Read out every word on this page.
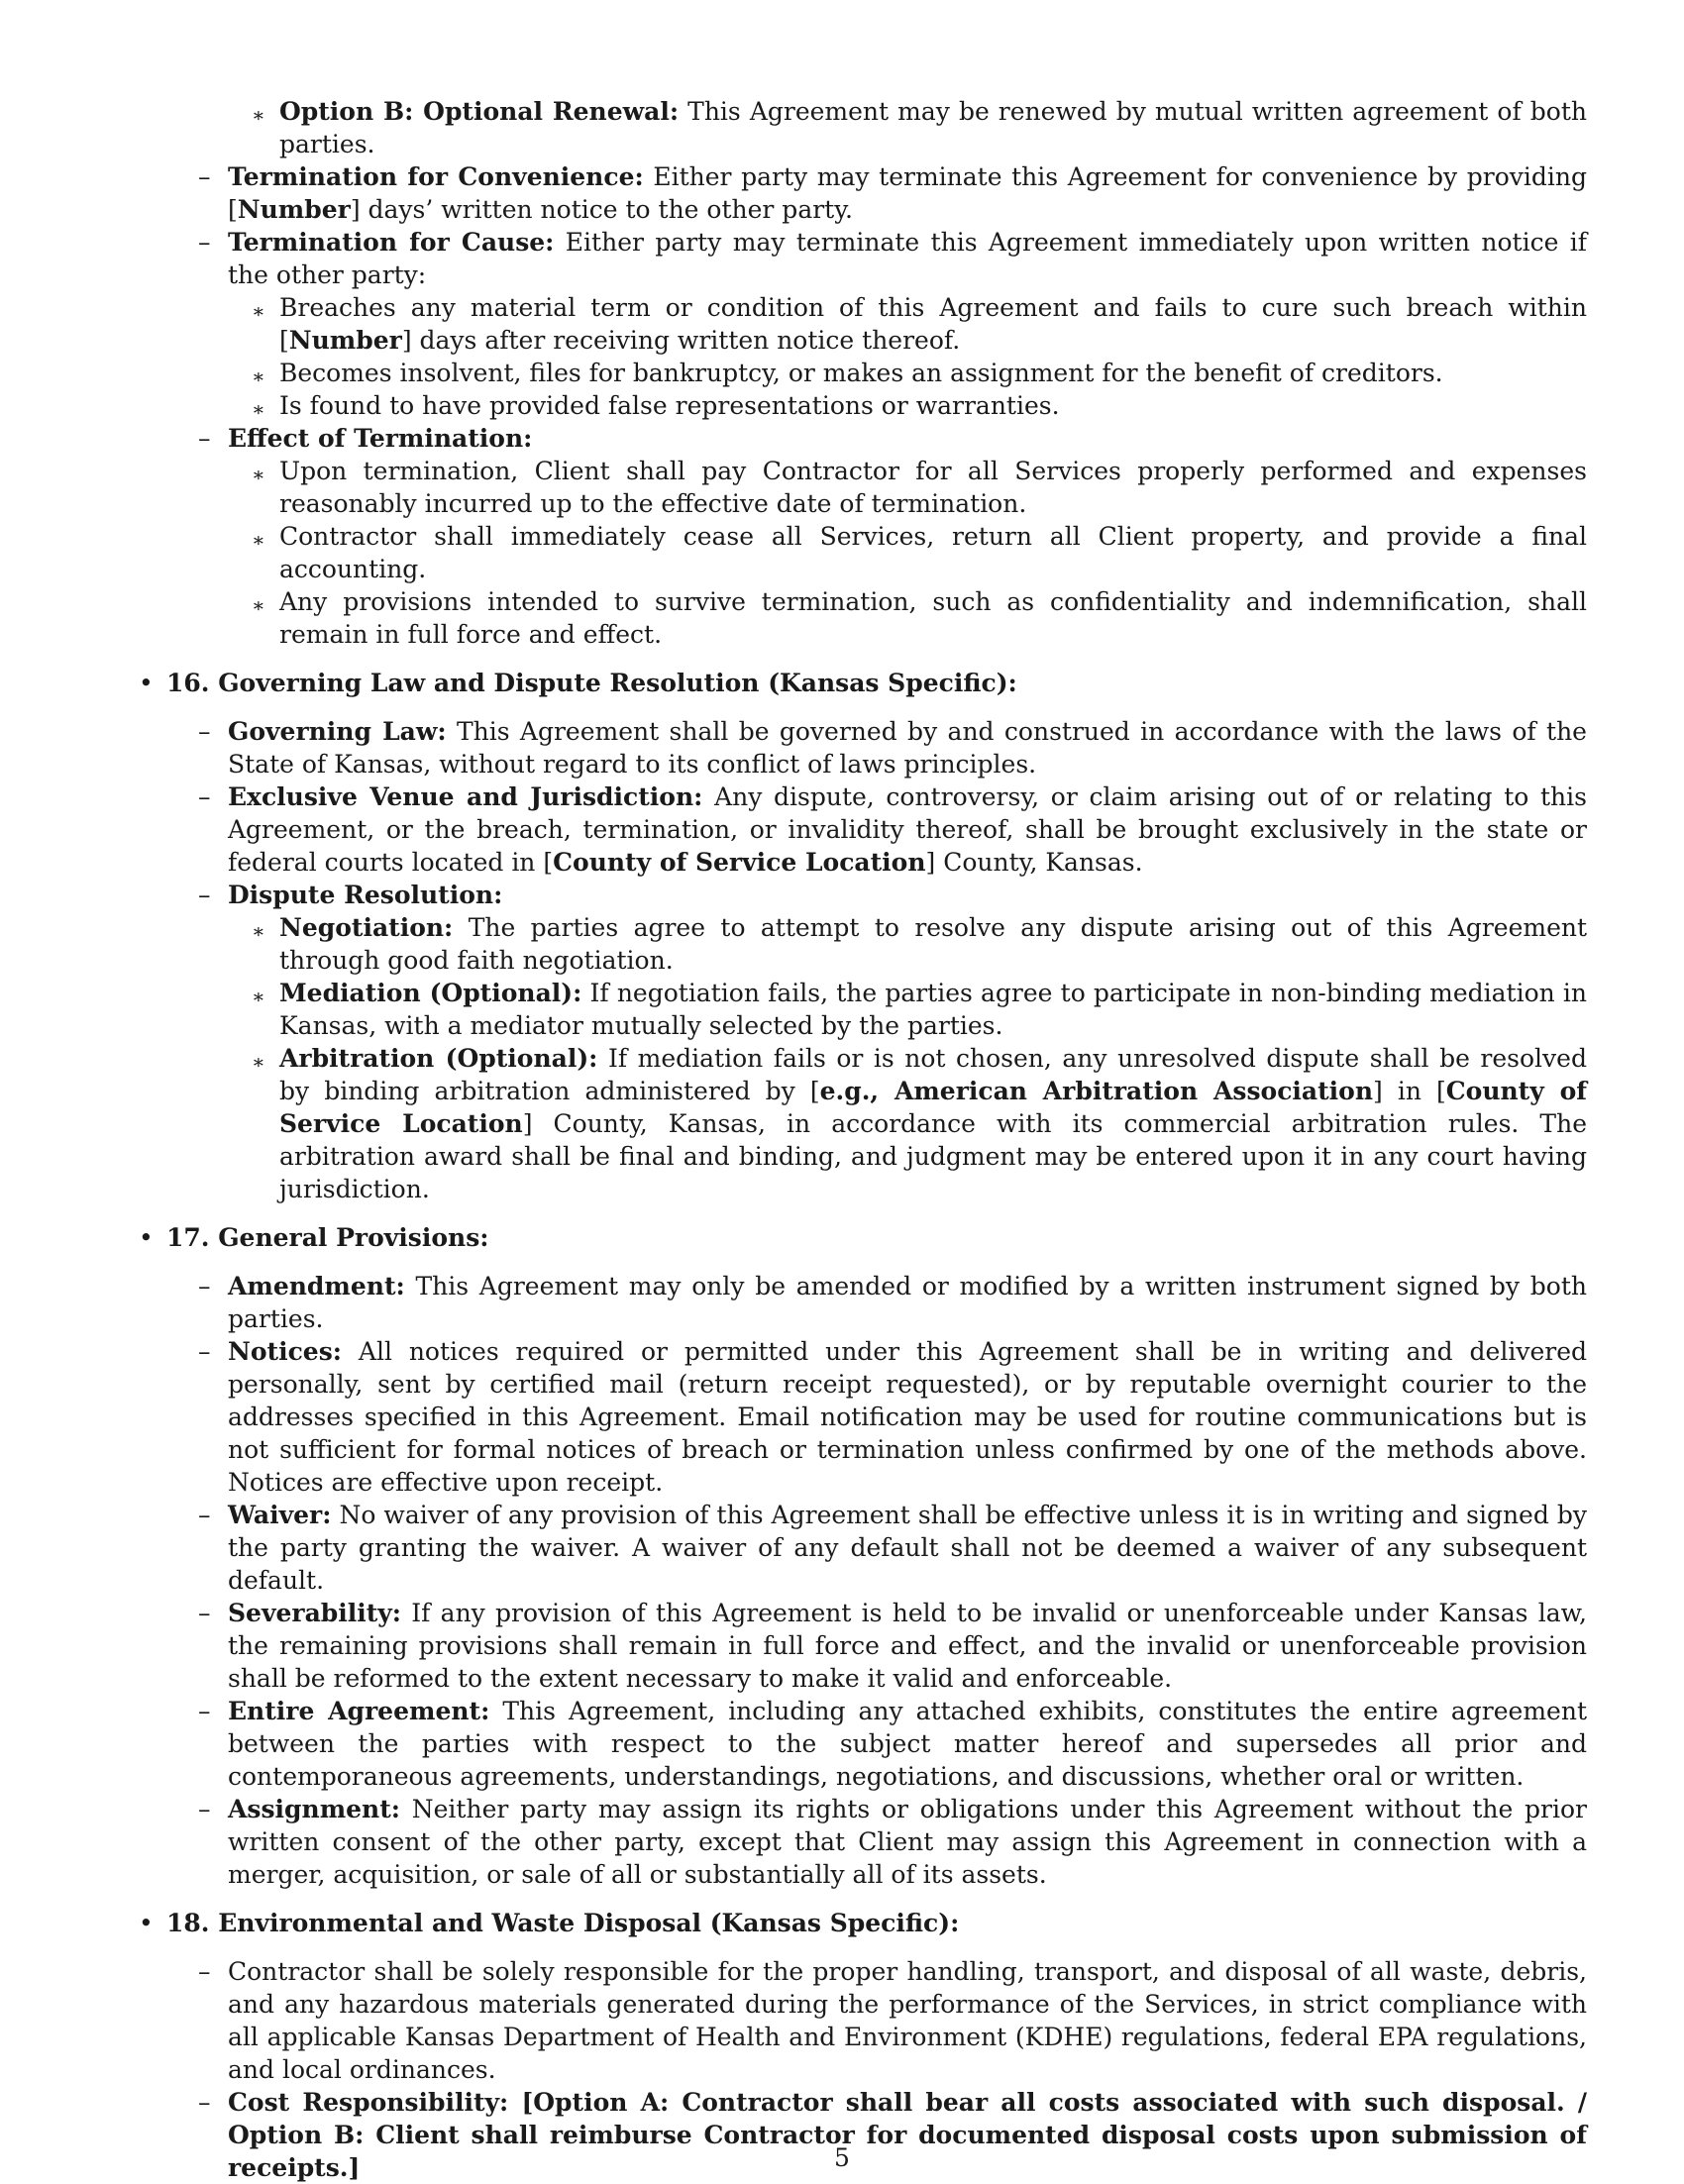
∗ Option B: Optional Renewal: This Agreement may be renewed by mutual written agreement of both parties.

– Termination for Convenience: Either party may terminate this Agreement for convenience by providing [Number] days’ written notice to the other party.

– Termination for Cause: Either party may terminate this Agreement immediately upon written notice if the other party:

∗ Breaches any material term or condition of this Agreement and fails to cure such breach within [Number] days after receiving written notice thereof.

∗ Becomes insolvent, files for bankruptcy, or makes an assignment for the benefit of creditors.

∗ Is found to have provided false representations or warranties.

– Effect of Termination:

∗ Upon termination, Client shall pay Contractor for all Services properly performed and expenses reasonably incurred up to the effective date of termination.

∗ Contractor shall immediately cease all Services, return all Client property, and provide a final accounting.

∗ Any provisions intended to survive termination, such as confidentiality and indemnification, shall remain in full force and effect.

• 16. Governing Law and Dispute Resolution (Kansas Specific):

– Governing Law: This Agreement shall be governed by and construed in accordance with the laws of the State of Kansas, without regard to its conflict of laws principles.

– Exclusive Venue and Jurisdiction: Any dispute, controversy, or claim arising out of or relating to this Agreement, or the breach, termination, or invalidity thereof, shall be brought exclusively in the state or federal courts located in [County of Service Location] County, Kansas.

– Dispute Resolution:

∗ Negotiation: The parties agree to attempt to resolve any dispute arising out of this Agreement through good faith negotiation.

∗ Mediation (Optional): If negotiation fails, the parties agree to participate in non-binding mediation in Kansas, with a mediator mutually selected by the parties.

∗ Arbitration (Optional): If mediation fails or is not chosen, any unresolved dispute shall be resolved by binding arbitration administered by [e.g., American Arbitration Association] in [County of Service Location] County, Kansas, in accordance with its commercial arbitration rules. The arbitration award shall be final and binding, and judgment may be entered upon it in any court having jurisdiction.

• 17. General Provisions:

– Amendment: This Agreement may only be amended or modified by a written instrument signed by both parties.

– Notices: All notices required or permitted under this Agreement shall be in writing and delivered personally, sent by certified mail (return receipt requested), or by reputable overnight courier to the addresses specified in this Agreement. Email notification may be used for routine communications but is not sufficient for formal notices of breach or termination unless confirmed by one of the methods above. Notices are effective upon receipt.

– Waiver: No waiver of any provision of this Agreement shall be effective unless it is in writing and signed by the party granting the waiver. A waiver of any default shall not be deemed a waiver of any subsequent default.

– Severability: If any provision of this Agreement is held to be invalid or unenforceable under Kansas law, the remaining provisions shall remain in full force and effect, and the invalid or unenforceable provision shall be reformed to the extent necessary to make it valid and enforceable.

– Entire Agreement: This Agreement, including any attached exhibits, constitutes the entire agreement between the parties with respect to the subject matter hereof and supersedes all prior and contemporaneous agreements, understandings, negotiations, and discussions, whether oral or written.

– Assignment: Neither party may assign its rights or obligations under this Agreement without the prior written consent of the other party, except that Client may assign this Agreement in connection with a merger, acquisition, or sale of all or substantially all of its assets.

• 18. Environmental and Waste Disposal (Kansas Specific):

– Contractor shall be solely responsible for the proper handling, transport, and disposal of all waste, debris, and any hazardous materials generated during the performance of the Services, in strict compliance with all applicable Kansas Department of Health and Environment (KDHE) regulations, federal EPA regulations, and local ordinances.

– Cost Responsibility: [Option A: Contractor shall bear all costs associated with such disposal. / Option B: Client shall reimburse Contractor for documented disposal costs upon submission of receipts.]	5
